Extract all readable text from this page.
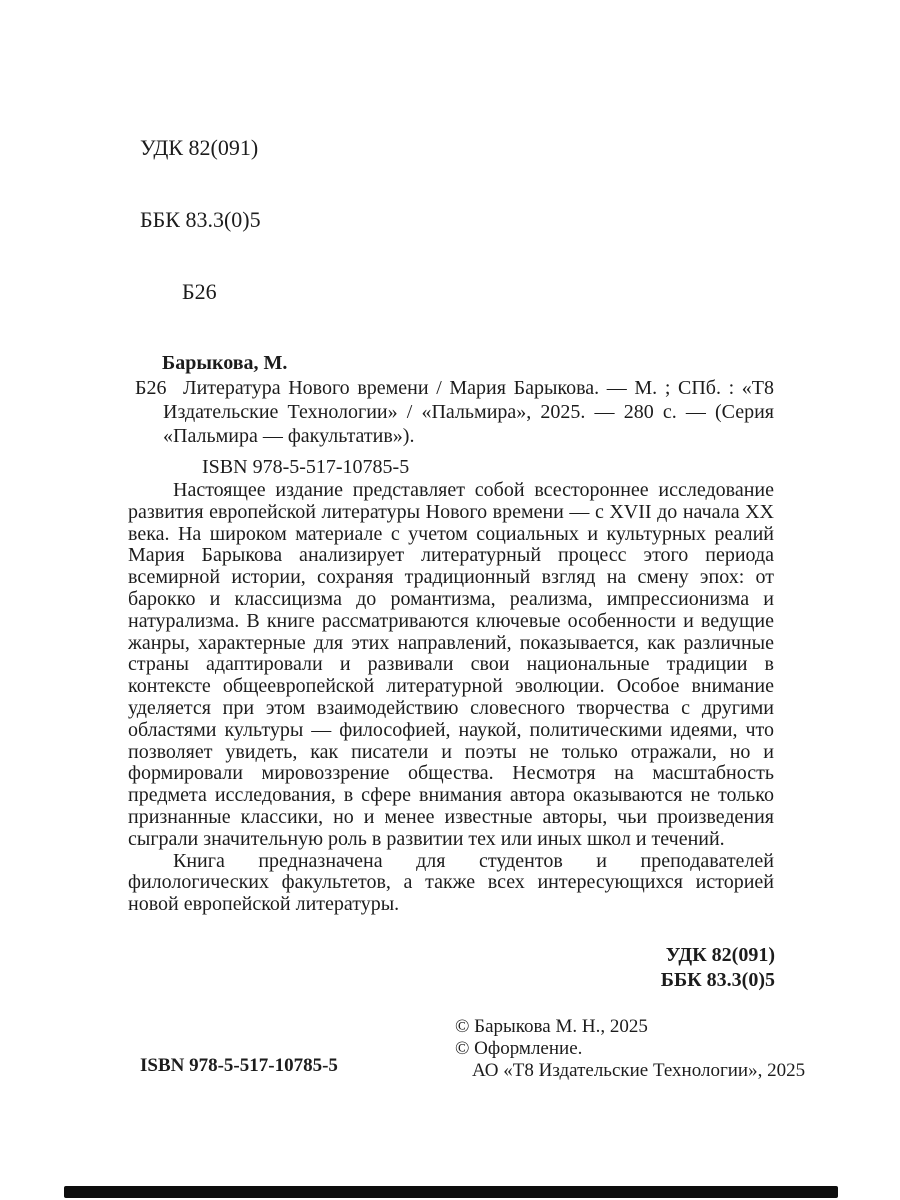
УДК 82(091)

ББК 83.3(0)5

Б26

Барыкова, М.

Б26 Литература Нового времени / Мария Барыкова. — М. ; СПб. : «Т8 Издательские Технологии» / «Пальмира», 2025. — 280 с. — (Серия «Пальмира — факультатив»).

ISBN 978-5-517-10785-5

Настоящее издание представляет собой всестороннее исследование развития европейской литературы Нового времени — с XVII до начала XX века. На широком материале с учетом социальных и культурных реалий Мария Барыкова анализирует литературный процесс этого периода всемирной истории, сохраняя традиционный взгляд на смену эпох: от барокко и классицизма до романтизма, реализма, импрессионизма и натурализма. В книге рассматриваются ключевые особенности и ведущие жанры, характерные для этих направлений, показывается, как различные страны адаптировали и развивали свои национальные традиции в контексте общеевропейской литературной эволюции. Особое внимание уделяется при этом взаимодействию словесного творчества с другими областями культуры — философией, наукой, политическими идеями, что позволяет увидеть, как писатели и поэты не только отражали, но и формировали мировоззрение общества. Несмотря на масштабность предмета исследования, в сфере внимания автора оказываются не только признанные классики, но и менее известные авторы, чьи произведения сыграли значительную роль в развитии тех или иных школ и течений.

Книга предназначена для студентов и преподавателей филологических факультетов, а также всех интересующихся историей новой европейской литературы.

УДК 82(091)
ББК 83.3(0)5
© Барыкова М. Н., 2025
© Оформление.
АО «Т8 Издательские Технологии», 2025
ISBN 978-5-517-10785-5
